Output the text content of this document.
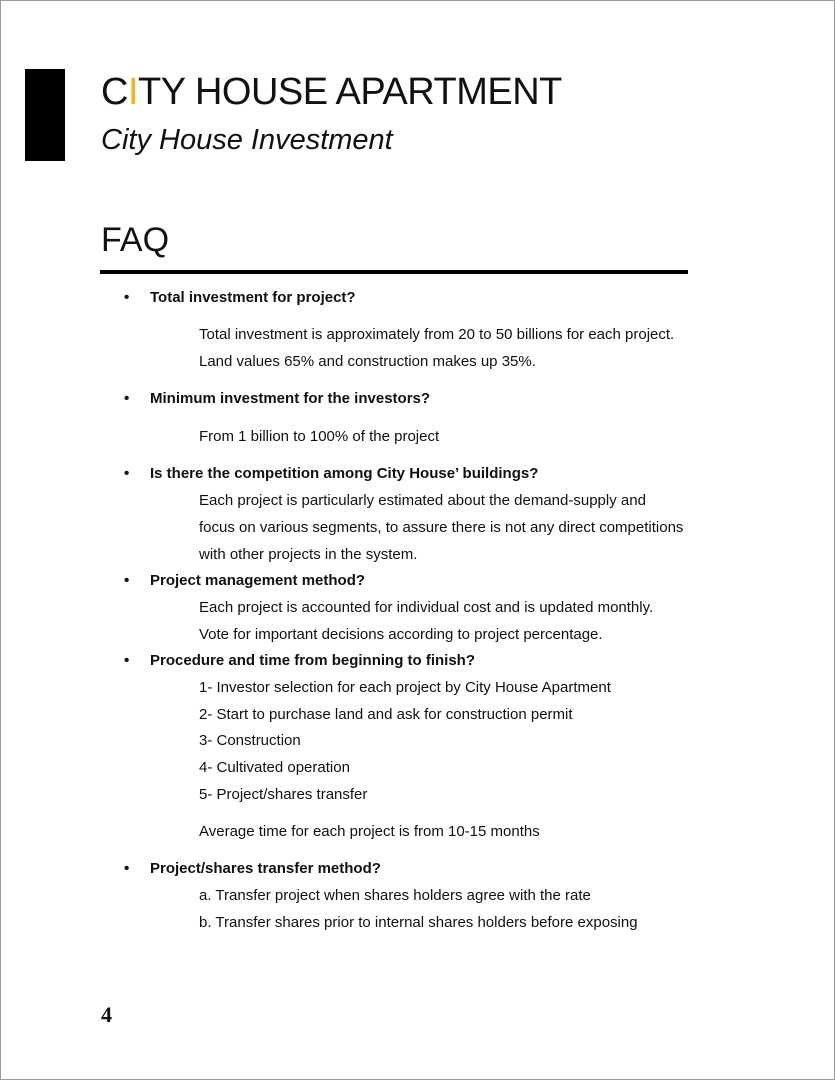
CITY HOUSE APARTMENT
City House Investment
FAQ
• Total investment for project?
Total investment is approximately from 20 to 50 billions for each project.
Land values 65% and construction makes up 35%.
• Minimum investment for the investors?
From 1 billion to 100% of the project
• Is there the competition among City House’ buildings?
Each project is particularly estimated about the demand-supply and
focus on various segments, to assure there is not any direct competitions
with other projects in the system.
• Project management method?
Each project is accounted for individual cost and is updated monthly.
Vote for important decisions according to project percentage.
• Procedure and time from beginning to finish?
1- Investor selection for each project by City House Apartment
2- Start to purchase land and ask for construction permit
3- Construction
4- Cultivated operation
5- Project/shares transfer
Average time for each project is from 10-15 months
• Project/shares transfer method?
a. Transfer project when shares holders agree with the rate
b. Transfer shares prior to internal shares holders before exposing
4
